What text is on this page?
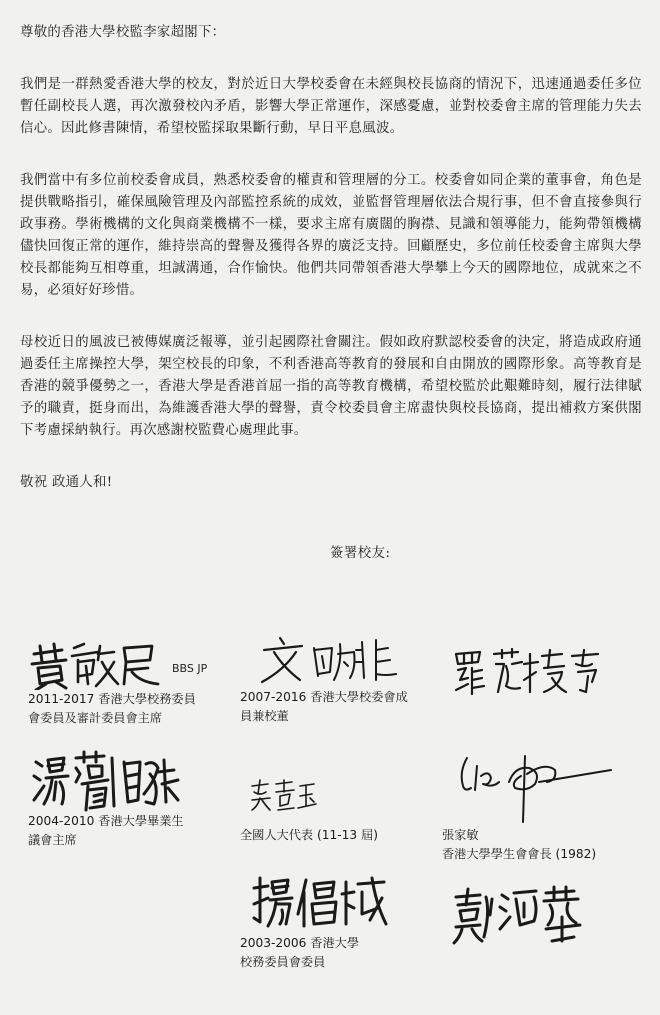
尊敬的香港大學校監李家超閣下：

我們是一群熱愛香港大學的校友，對於近日大學校委會在未經與校長協商的情況下，迅速通過委任多位暫任副校長人選，再次激發校內矛盾，影響大學正常運作，深感憂慮，並對校委會主席的管理能力失去信心。因此修書陳情，希望校監採取果斷行動，早日平息風波。

我們當中有多位前校委會成員，熟悉校委會的權責和管理層的分工。校委會如同企業的董事會，角色是提供戰略指引，確保風險管理及內部監控系統的成效，並監督管理層依法合規行事，但不會直接參與行政事務。學術機構的文化與商業機構不一樣，要求主席有廣闊的胸襟、見識和領導能力，能夠帶領機構儘快回復正常的運作，維持崇高的聲譽及獲得各界的廣泛支持。回顧歷史，多位前任校委會主席與大學校長都能夠互相尊重，坦誠溝通，合作愉快。他們共同帶領香港大學攀上今天的國際地位，成就來之不易，必須好好珍惜。

母校近日的風波已被傳媒廣泛報導，並引起國際社會關注。假如政府默認校委會的決定，將造成政府通過委任主席操控大學，架空校長的印象，不利香港高等教育的發展和自由開放的國際形象。高等教育是香港的競爭優勢之一，香港大學是香港首屈一指的高等教育機構，希望校監於此艱難時刻，履行法律賦予的職責，挺身而出，為維護香港大學的聲譽，責令校委員會主席盡快與校長協商，提出補救方案供閣下考慮採納執行。再次感謝校監費心處理此事。

敬祝 政通人和!

簽署校友:
BBS JP
2011-2017 香港大學校務委員
會委員及審計委員會主席
2007-2016 香港大學校委會成
員兼校董
2004-2010 香港大學畢業生
議會主席	全國人大代表 (11-13 屆)	張家敏
香港大學學生會會長 (1982)
2003-2006 香港大學
校務委員會委員
